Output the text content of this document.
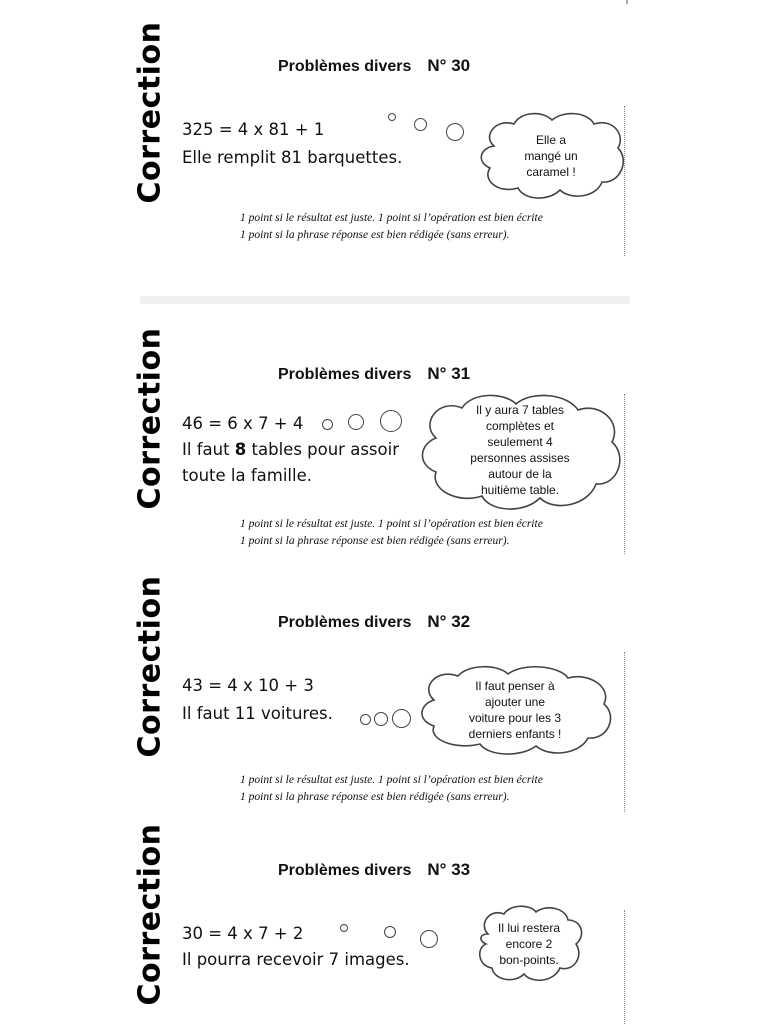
Correction	Problèmes divers N° 30
325 = 4 x 81 + 1
Elle remplit 81 barquettes.
Elle a
mangé un
caramel !
1 point si le résultat est juste. 1 point si l’opération est bien écrite
1 point si la phrase réponse est bien rédigée (sans erreur).
Correction	Problèmes divers N° 31
46 = 6 x 7 + 4
Il faut 8 tables pour assoir
toute la famille.
Il y aura 7 tables
complètes et
seulement 4
personnes assises
autour de la
huitième table.
1 point si le résultat est juste. 1 point si l’opération est bien écrite
1 point si la phrase réponse est bien rédigée (sans erreur).
Correction	Problèmes divers N° 32
43 = 4 x 10 + 3
Il faut 11 voitures.
Il faut penser à
ajouter une
voiture pour les 3
derniers enfants !
1 point si le résultat est juste. 1 point si l’opération est bien écrite
1 point si la phrase réponse est bien rédigée (sans erreur).
Correction	Problèmes divers N° 33
30 = 4 x 7 + 2
Il pourra recevoir 7 images.
Il lui restera
encore 2
bon-points.
